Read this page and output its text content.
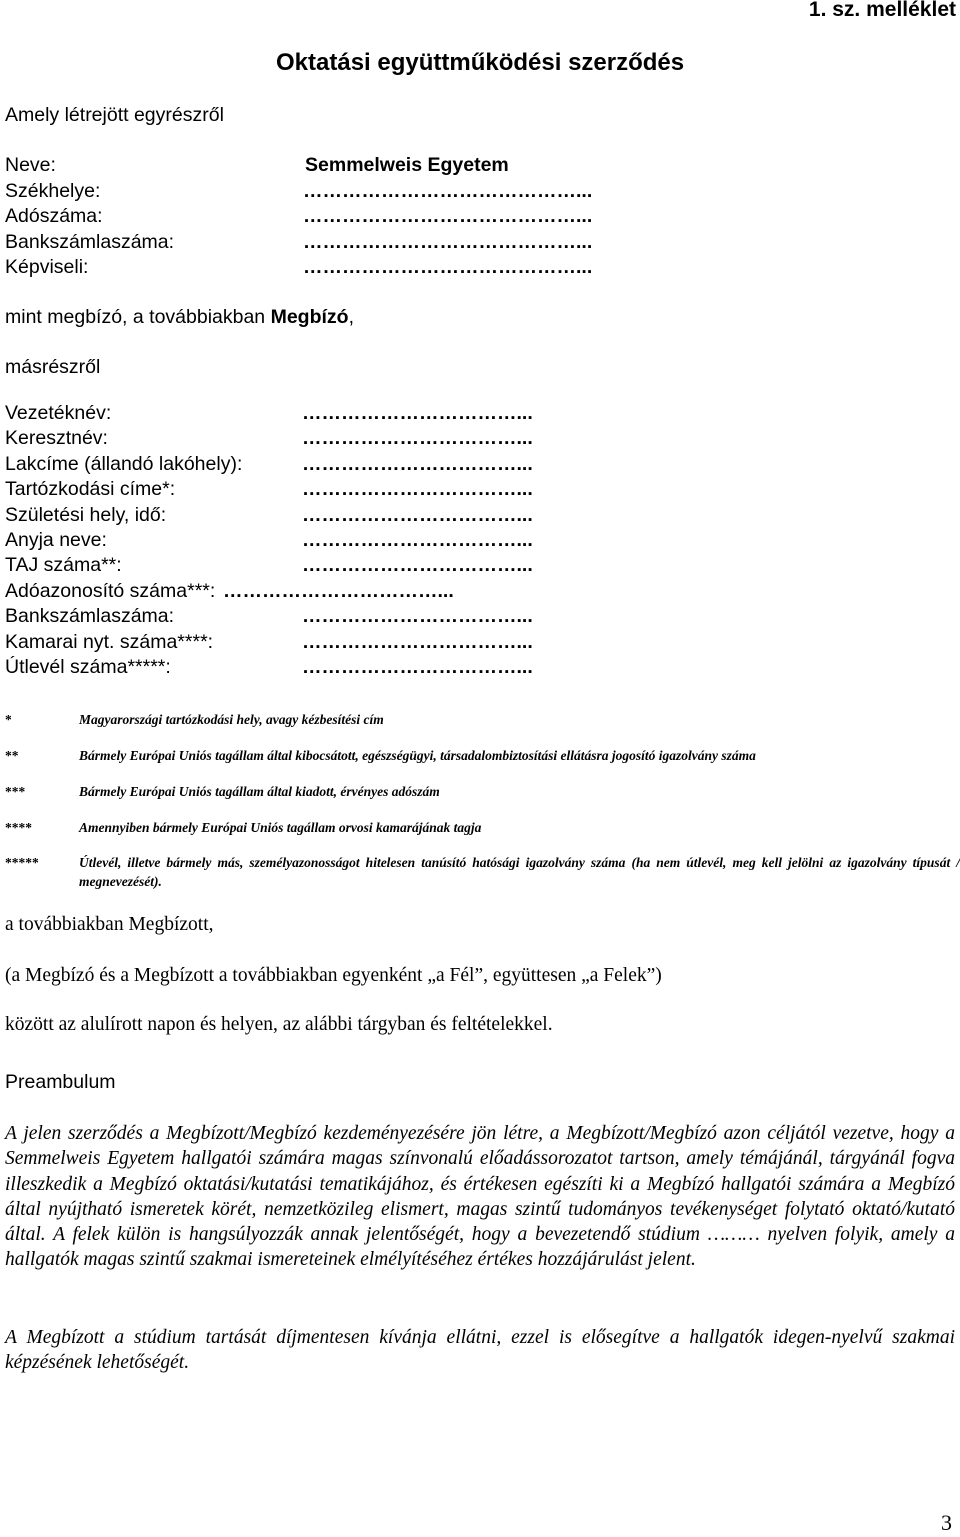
1. sz. melléklet
Oktatási együttműködési szerződés
Amely létrejött egyrészről
Neve:	Semmelweis Egyetem
Székhelye:	……………………………………...
Adószáma:	……………………………………...
Bankszámlaszáma:	……………………………………...
Képviseli:	……………………………………...
mint megbízó, a továbbiakban Megbízó,
másrészről
Vezetéknév:	……………………………...
Keresztnév:	……………………………...
Lakcíme (állandó lakóhely):	……………………………...
Tartózkodási címe*:	……………………………...
Születési hely, idő:	……………………………...
Anyja neve:	……………………………...
TAJ száma**:	……………………………...
Adóazonosító száma***: ……………………………...
Bankszámlaszáma:	……………………………...
Kamarai nyt. száma****:	……………………………...
Útlevél száma*****:	……………………………...
*	Magyarországi tartózkodási hely, avagy kézbesítési cím
**	Bármely Európai Uniós tagállam által kibocsátott, egészségügyi, társadalombiztosítási ellátásra jogosító igazolvány száma
***	Bármely Európai Uniós tagállam által kiadott, érvényes adószám
****	Amennyiben bármely Európai Uniós tagállam orvosi kamarájának tagja
*****	Útlevél, illetve bármely más, személyazonosságot hitelesen tanúsító hatósági igazolvány száma (ha nem útlevél, meg kell jelölni az igazolvány típusát / megnevezését).
a továbbiakban Megbízott,
(a Megbízó és a Megbízott a továbbiakban egyenként „a Fél”, együttesen „a Felek”)
között az alulírott napon és helyen, az alábbi tárgyban és feltételekkel.
Preambulum
A jelen szerződés a Megbízott/Megbízó kezdeményezésére jön létre, a Megbízott/Megbízó azon céljától vezetve, hogy a Semmelweis Egyetem hallgatói számára magas színvonalú előadássorozatot tartson, amely témájánál, tárgyánál fogva illeszkedik a Megbízó oktatási/kutatási tematikájához, és értékesen egészíti ki a Megbízó hallgatói számára a Megbízó által nyújtható ismeretek körét, nemzetközileg elismert, magas szintű tudományos tevékenységet folytató oktató/kutató által. A felek külön is hangsúlyozzák annak jelentőségét, hogy a bevezetendő stúdium ……… nyelven folyik, amely a hallgatók magas szintű szakmai ismereteinek elmélyítéséhez értékes hozzájárulást jelent.
A Megbízott a stúdium tartását díjmentesen kívánja ellátni, ezzel is elősegítve a hallgatók idegen-nyelvű szakmai képzésének lehetőségét.
3
